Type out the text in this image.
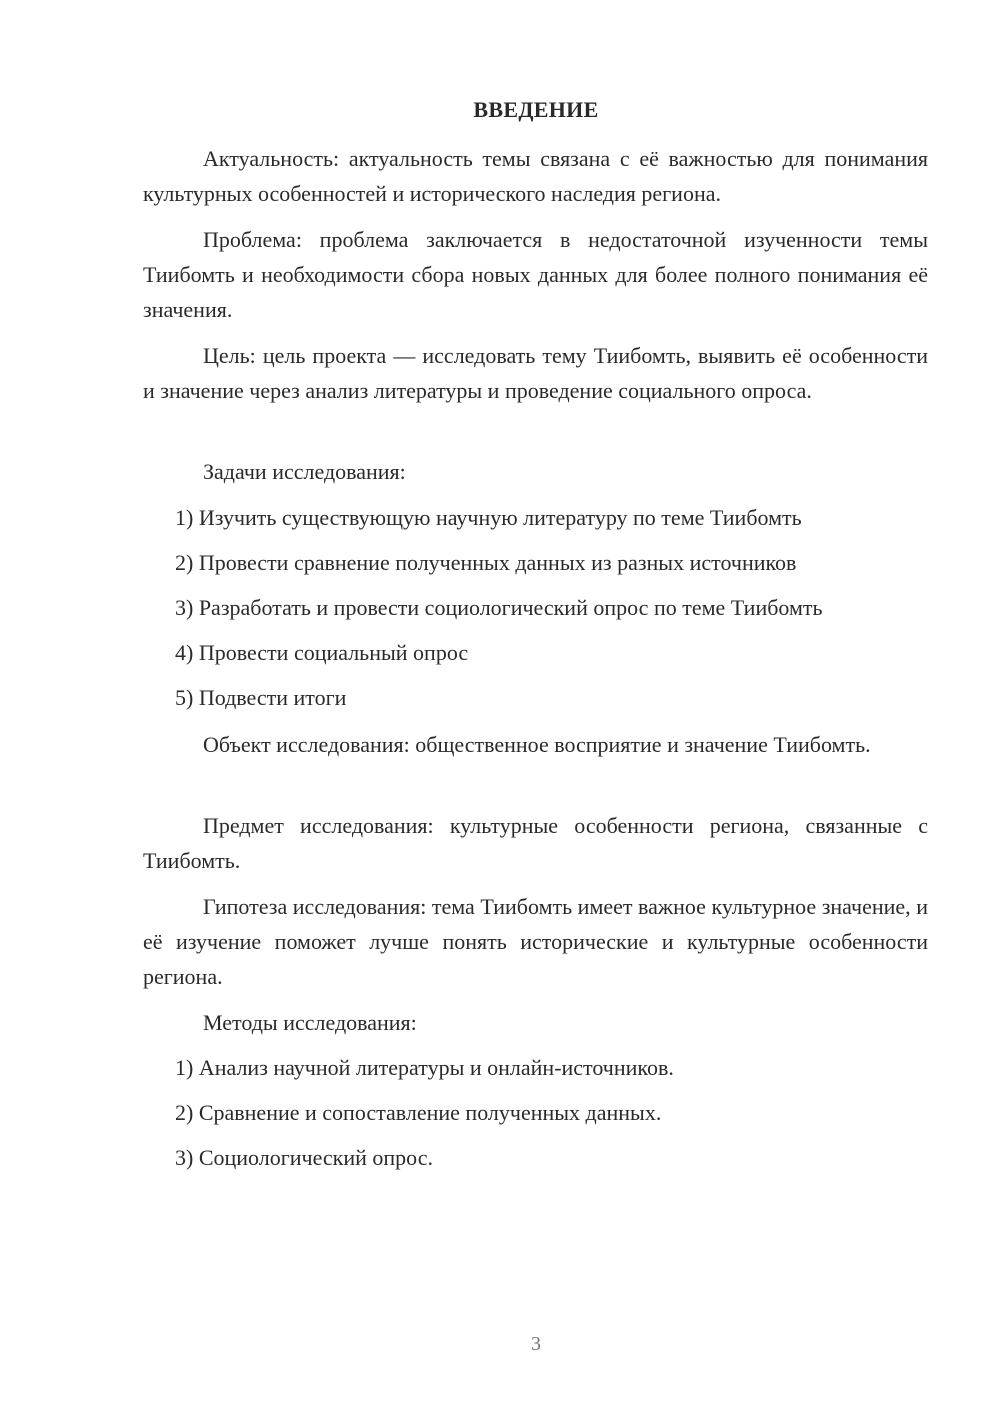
ВВЕДЕНИЕ

Актуальность: актуальность темы связана с её важностью для понимания культурных особенностей и исторического наследия региона.

Проблема: проблема заключается в недостаточной изученности темы Тиибомть и необходимости сбора новых данных для более полного понимания её значения.

Цель: цель проекта — исследовать тему Тиибомть, выявить её особенности и значение через анализ литературы и проведение социального опроса.

Задачи исследования:

1) Изучить существующую научную литературу по теме Тиибомть

2) Провести сравнение полученных данных из разных источников

3) Разработать и провести социологический опрос по теме Тиибомть

4) Провести социальный опрос

5) Подвести итоги

Объект исследования: общественное восприятие и значение Тиибомть.

Предмет исследования: культурные особенности региона, связанные с Тиибомть.

Гипотеза исследования: тема Тиибомть имеет важное культурное значение, и её изучение поможет лучше понять исторические и культурные особенности региона.

Методы исследования:

1) Анализ научной литературы и онлайн-источников.

2) Сравнение и сопоставление полученных данных.

3) Социологический опрос.

3
